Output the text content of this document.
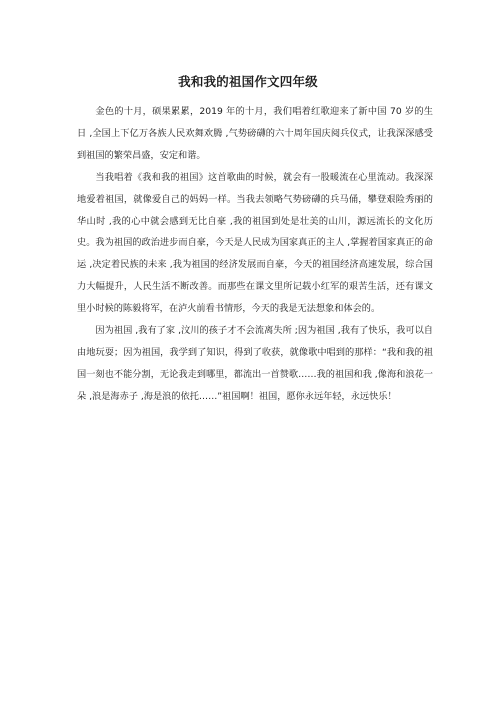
我和我的祖国作文四年级

金色的十月，硕果累累，2019 年的十月，我们唱着红歌迎来了新中国 70 岁的生日 ,全国上下亿万各族人民欢舞欢腾 ,气势磅礴的六十周年国庆阅兵仪式，让我深深感受到祖国的繁荣昌盛，安定和谐。

当我唱着《我和我的祖国》这首歌曲的时候，就会有一股暖流在心里流动。我深深地爱着祖国，就像爱自己的妈妈一样。当我去领略气势磅礴的兵马俑，攀登艰险秀丽的华山时 ,我的心中就会感到无比自豪 ,我的祖国到处是壮美的山川，源远流长的文化历史。我为祖国的政治进步而自豪，今天是人民成为国家真正的主人 ,掌握着国家真正的命运 ,决定着民族的未来 ,我为祖国的经济发展而自豪，今天的祖国经济高速发展，综合国力大幅提升，人民生活不断改善。而那些在课文里所记载小红军的艰苦生活，还有课文里小时候的陈毅将军，在泸火前看书情形，今天的我是无法想象和体会的。

因为祖国 ,我有了家 ,汶川的孩子才不会流离失所 ;因为祖国 ,我有了快乐，我可以自由地玩耍；因为祖国，我学到了知识，得到了收获，就像歌中唱到的那样：“我和我的祖国一刻也不能分割，无论我走到哪里，都流出一首赞歌……我的祖国和我 ,像海和浪花一朵 ,浪是海赤子 ,海是浪的依托……”祖国啊！祖国，愿你永远年轻，永远快乐！
